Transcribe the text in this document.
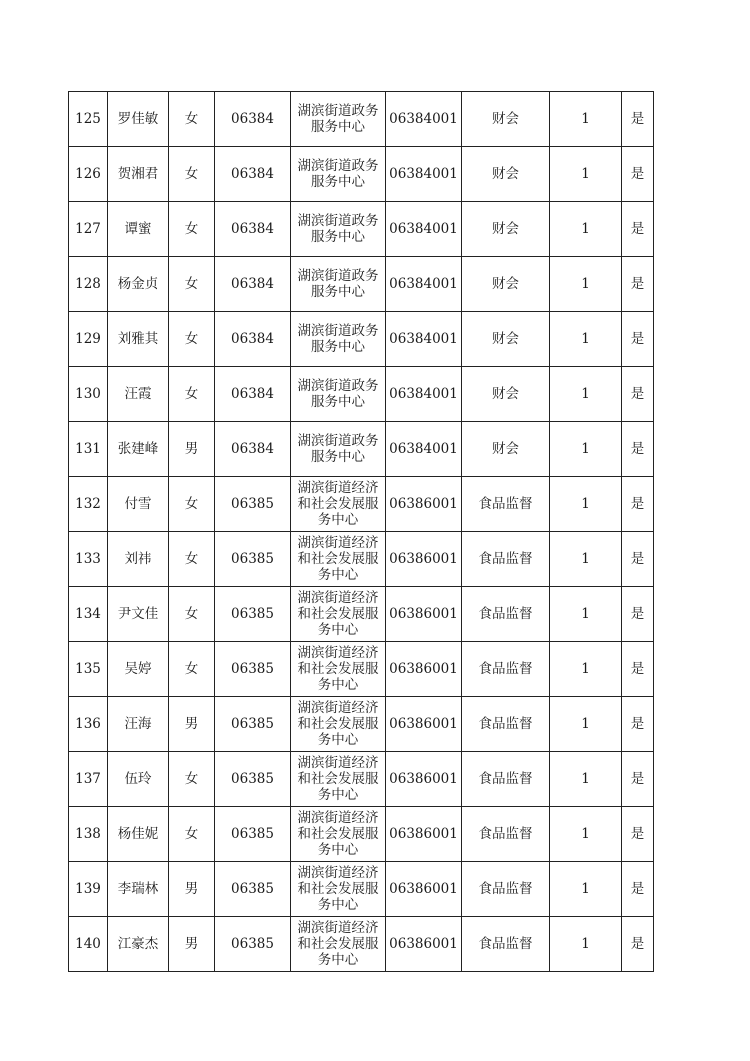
125	罗佳敏	女	06384	湖滨街道政务服务中心	06384001	财会	1	是
126	贺湘君	女	06384	湖滨街道政务服务中心	06384001	财会	1	是
127	谭蜜	女	06384	湖滨街道政务服务中心	06384001	财会	1	是
128	杨金贞	女	06384	湖滨街道政务服务中心	06384001	财会	1	是
129	刘雅其	女	06384	湖滨街道政务服务中心	06384001	财会	1	是
130	汪霞	女	06384	湖滨街道政务服务中心	06384001	财会	1	是
131	张建峰	男	06384	湖滨街道政务服务中心	06384001	财会	1	是
132	付雪	女	06385	湖滨街道经济和社会发展服务中心	06386001	食品监督	1	是
133	刘祎	女	06385	湖滨街道经济和社会发展服务中心	06386001	食品监督	1	是
134	尹文佳	女	06385	湖滨街道经济和社会发展服务中心	06386001	食品监督	1	是
135	吴婷	女	06385	湖滨街道经济和社会发展服务中心	06386001	食品监督	1	是
136	汪海	男	06385	湖滨街道经济和社会发展服务中心	06386001	食品监督	1	是
137	伍玲	女	06385	湖滨街道经济和社会发展服务中心	06386001	食品监督	1	是
138	杨佳妮	女	06385	湖滨街道经济和社会发展服务中心	06386001	食品监督	1	是
139	李瑞林	男	06385	湖滨街道经济和社会发展服务中心	06386001	食品监督	1	是
140	江豪杰	男	06385	湖滨街道经济和社会发展服务中心	06386001	食品监督	1	是
